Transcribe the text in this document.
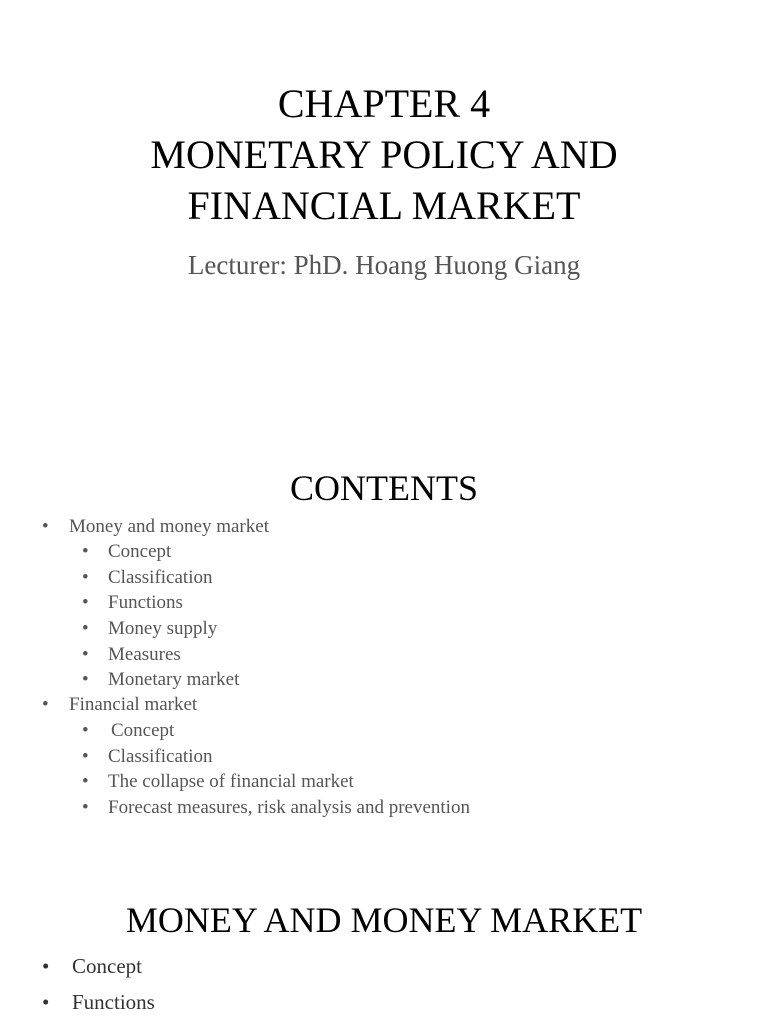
CHAPTER 4
MONETARY POLICY AND
FINANCIAL MARKET
Lecturer: PhD. Hoang Huong Giang
CONTENTS
• Money and money market
• Concept
• Classification
• Functions
• Money supply
• Measures
• Monetary market
• Financial market
• Concept
• Classification
• The collapse of financial market
• Forecast measures, risk analysis and prevention
MONEY AND MONEY MARKET
• Concept
• Functions
